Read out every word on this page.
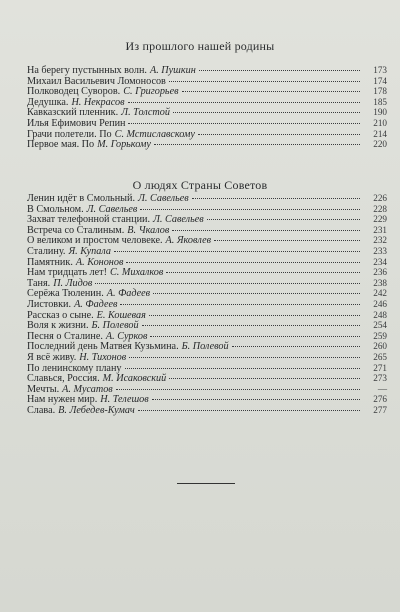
Из прошлого нашей родины
На берегу пустынных волн. А. Пушкин	173
Михаил Васильевич Ломоносов	174
Полководец Суворов. С. Григорьев	178
Дедушка. Н. Некрасов	185
Кавказский пленник. Л. Толстой	190
Илья Ефимович Репин	210
Грачи полетели. По С. Мстиславскому	214
Первое мая. По М. Горькому	220
О людях Страны Советов
Ленин идёт в Смольный. Л. Савельев	226
В Смольном. Л. Савельев	228
Захват телефонной станции. Л. Савельев	229
Встреча со Сталиным. В. Чкалов	231
О великом и простом человеке. А. Яковлев	232
Сталину. Я. Купала	233
Памятник. А. Кононов	234
Нам тридцать лет! С. Михалков	236
Таня. П. Лидов	238
Серёжа Тюленин. А. Фадеев	242
Листовки. А. Фадеев	246
Рассказ о сыне. Е. Кошевая	248
Воля к жизни. Б. Полевой	254
Песня о Сталине. А. Сурков	259
Последний день Матвея Кузьмина. Б. Полевой	260
Я всё живу. Н. Тихонов	265
По ленинскому плану	271
Славься, Россия. М. Исаковский	273
Мечты. А. Мусатов	—
Нам нужен мир. Н. Телешов	276
Слава. В. Лебедев-Кумач	277
